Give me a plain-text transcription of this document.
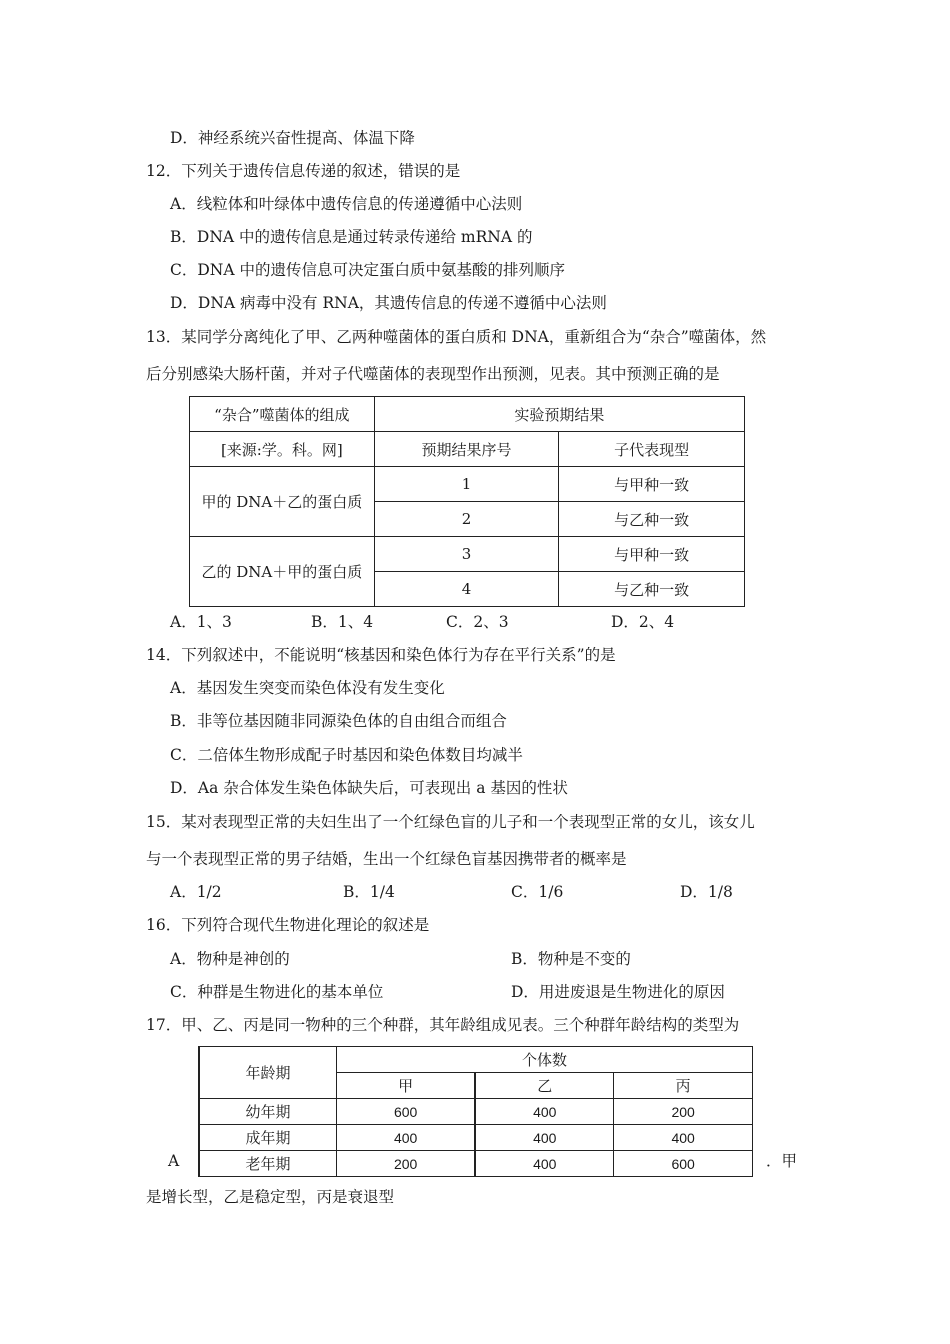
D．神经系统兴奋性提高、体温下降
12．下列关于遗传信息传递的叙述，错误的是
A．线粒体和叶绿体中遗传信息的传递遵循中心法则
B．DNA 中的遗传信息是通过转录传递给 mRNA 的
C．DNA 中的遗传信息可决定蛋白质中氨基酸的排列顺序
D．DNA 病毒中没有 RNA，其遗传信息的传递不遵循中心法则
13．某同学分离纯化了甲、乙两种噬菌体的蛋白质和 DNA，重新组合为“杂合”噬菌体，然
后分别感染大肠杆菌，并对子代噬菌体的表现型作出预测，见表。其中预测正确的是
“杂合”噬菌体的组成	实验预期结果	
[来源:学。科。网]	预期结果序号	子代表现型
甲的 DNA＋乙的蛋白质	1	与甲种一致
	2	与乙种一致
乙的 DNA＋甲的蛋白质	3	与甲种一致
	4	与乙种一致
A．1、3	B．1、4	C．2、3	D．2、4
14．下列叙述中，不能说明“核基因和染色体行为存在平行关系”的是
A．基因发生突变而染色体没有发生变化
B．非等位基因随非同源染色体的自由组合而组合
C．二倍体生物形成配子时基因和染色体数目均减半
D．Aa 杂合体发生染色体缺失后，可表现出 a 基因的性状
15．某对表现型正常的夫妇生出了一个红绿色盲的儿子和一个表现型正常的女儿，该女儿
与一个表现型正常的男子结婚，生出一个红绿色盲基因携带者的概率是
A．1/2	B．1/4	C．1/6	D．1/8
16．下列符合现代生物进化理论的叙述是
A．物种是神创的	B．物种是不变的
C．种群是生物进化的基本单位	D．用进废退是生物进化的原因
17．甲、乙、丙是同一物种的三个种群，其年龄组成见表。三个种群年龄结构的类型为
年龄期	个体数		
	甲	乙	丙
幼年期	600	400	200
成年期	400	400	400
老年期	200	400	600
A	．甲
是增长型，乙是稳定型，丙是衰退型
